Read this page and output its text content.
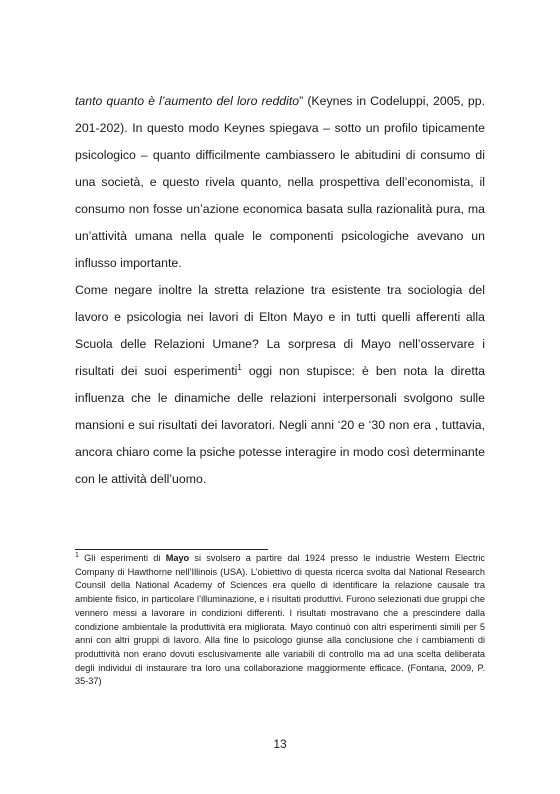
tanto quanto è l’aumento del loro reddito” (Keynes in Codeluppi, 2005, pp. 201-202). In questo modo Keynes spiegava – sotto un profilo tipicamente psicologico – quanto difficilmente cambiassero le abitudini di consumo di una società, e questo rivela quanto, nella prospettiva dell’economista, il consumo non fosse un’azione economica basata sulla razionalità pura, ma un’attività umana nella quale le componenti psicologiche avevano un influsso importante.

Come negare inoltre la stretta relazione tra esistente tra sociologia del lavoro e psicologia nei lavori di Elton Mayo e in tutti quelli afferenti alla Scuola delle Relazioni Umane? La sorpresa di Mayo nell’osservare i risultati dei suoi esperimenti$^1$ oggi non stupisce: è ben nota la diretta influenza che le dinamiche delle relazioni interpersonali svolgono sulle mansioni e sui risultati dei lavoratori. Negli anni ‘20 e ‘30 non era , tuttavia, ancora chiaro come la psiche potesse interagire in modo così determinante con le attività dell’uomo.

$^1$ Gli esperimenti di Mayo si svolsero a partire dal 1924 presso le industrie Western Electric Company di Hawthorne nell’Illinois (USA). L’obiettivo di questa ricerca svolta dal National Research Counsil della National Academy of Sciences era quello di identificare la relazione causale tra ambiente fisico, in particolare l’illuminazione, e i risultati produttivi. Furono selezionati due gruppi che vennero messi a lavorare in condizioni differenti. I risultati mostravano che a prescindere dalla condizione ambientale la produttività era migliorata. Mayo continuò con altri esperimenti simili per 5 anni con altri gruppi di lavoro. Alla fine lo psicologo giunse alla conclusione che i cambiamenti di produttività non erano dovuti esclusivamente alle variabili di controllo ma ad una scelta deliberata degli individui di instaurare tra loro una collaborazione maggiormente efficace. (Fontana, 2009, P. 35-37)

13
